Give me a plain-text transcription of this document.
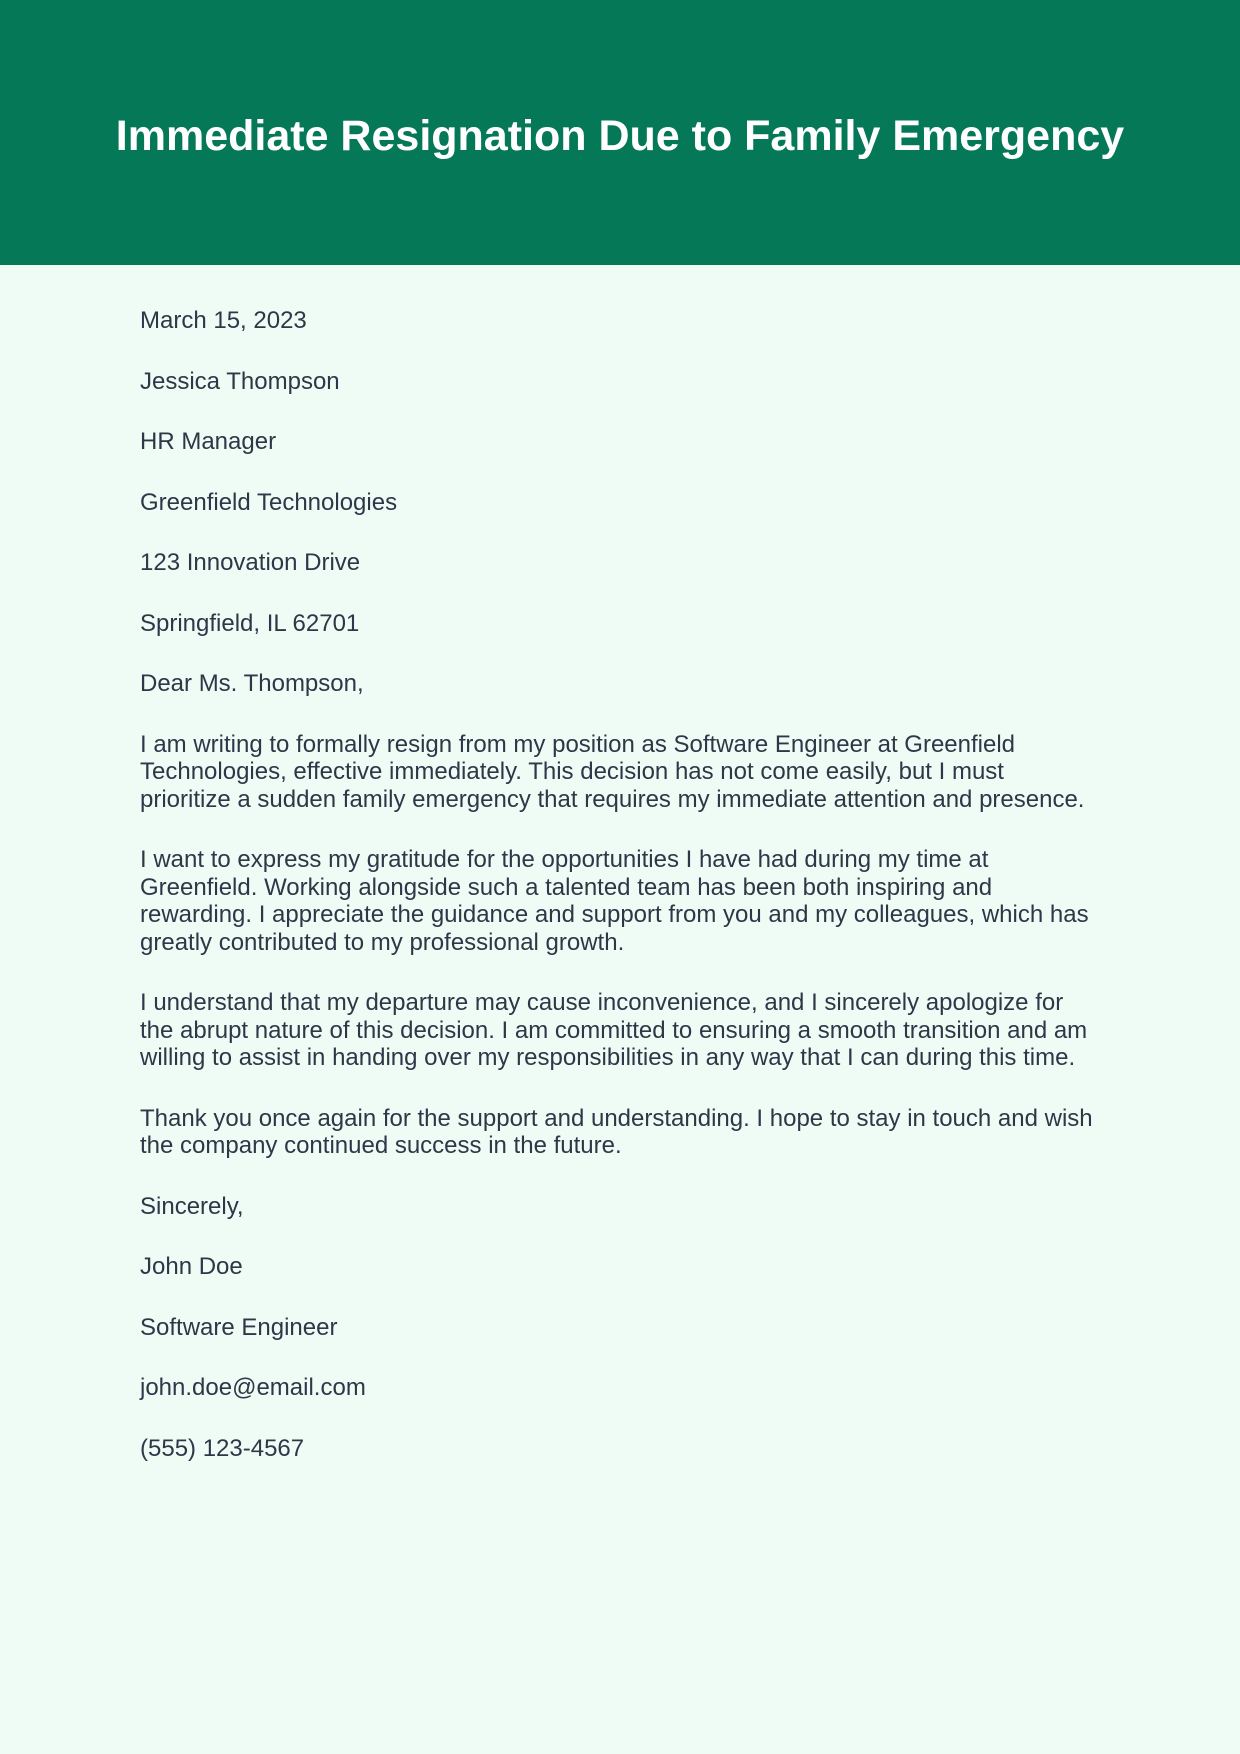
Immediate Resignation Due to Family Emergency

March 15, 2023

Jessica Thompson

HR Manager

Greenfield Technologies

123 Innovation Drive

Springfield, IL 62701

Dear Ms. Thompson,

I am writing to formally resign from my position as Software Engineer at Greenfield Technologies, effective immediately. This decision has not come easily, but I must prioritize a sudden family emergency that requires my immediate attention and presence.

I want to express my gratitude for the opportunities I have had during my time at Greenfield. Working alongside such a talented team has been both inspiring and rewarding. I appreciate the guidance and support from you and my colleagues, which has greatly contributed to my professional growth.

I understand that my departure may cause inconvenience, and I sincerely apologize for the abrupt nature of this decision. I am committed to ensuring a smooth transition and am willing to assist in handing over my responsibilities in any way that I can during this time.

Thank you once again for the support and understanding. I hope to stay in touch and wish the company continued success in the future.

Sincerely,

John Doe

Software Engineer

john.doe@email.com

(555) 123-4567
